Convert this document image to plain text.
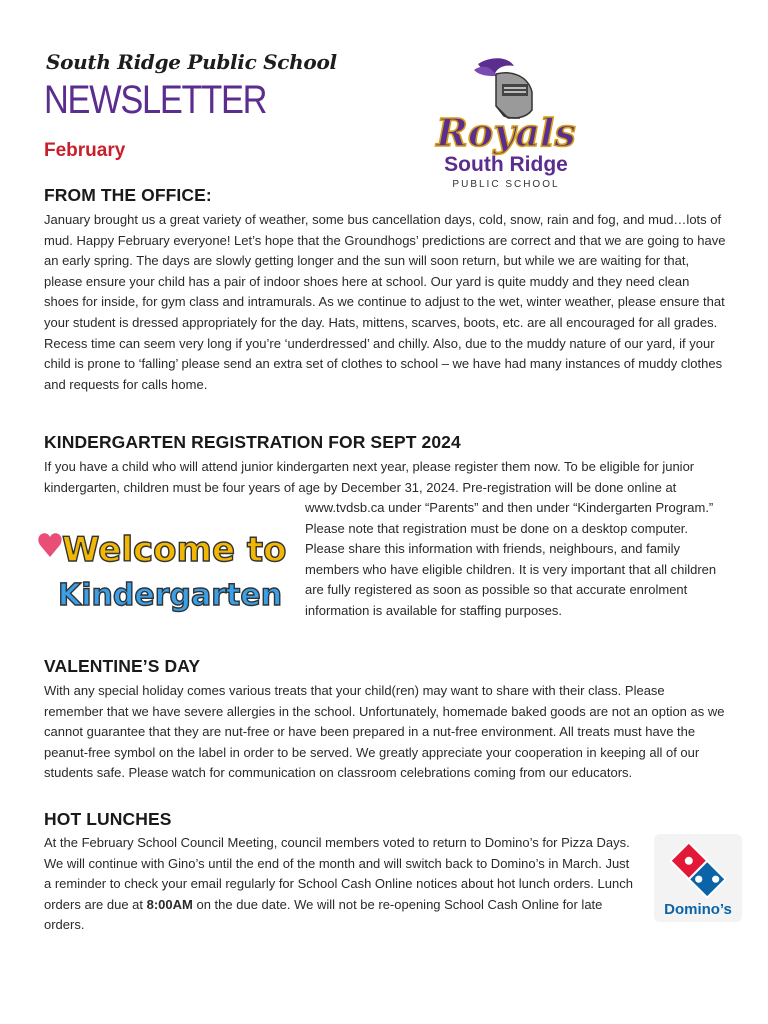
South Ridge Public School
NEWSLETTER
February	Royals
South Ridge
PUBLIC SCHOOL
FROM THE OFFICE:
January brought us a great variety of weather, some bus cancellation days, cold, snow, rain and fog, and mud…lots of mud. Happy February everyone! Let’s hope that the Groundhogs’ predictions are correct and that we are going to have an early spring. The days are slowly getting longer and the sun will soon return, but while we are waiting for that, please ensure your child has a pair of indoor shoes here at school. Our yard is quite muddy and they need clean shoes for inside, for gym class and intramurals. As we continue to adjust to the wet, winter weather, please ensure that your student is dressed appropriately for the day. Hats, mittens, scarves, boots, etc. are all encouraged for all grades. Recess time can seem very long if you’re ‘underdressed’ and chilly. Also, due to the muddy nature of our yard, if your child is prone to ‘falling’ please send an extra set of clothes to school – we have had many instances of muddy clothes and requests for calls home.
KINDERGARTEN REGISTRATION FOR SEPT 2024
If you have a child who will attend junior kindergarten next year, please register them now. To be eligible for junior kindergarten, children must be four years of age by December 31, 2024. Pre-registration will be done online at
www.tvdsb.ca under “Parents” and then under “Kindergarten Program.” Please note that registration must be done on a desktop computer. Please share this information with friends, neighbours, and family members who have eligible children. It is very important that all children are fully registered as soon as possible so that accurate enrolment information is available for staffing purposes.
Welcome to
Kindergarten
VALENTINE’S DAY
With any special holiday comes various treats that your child(ren) may want to share with their class. Please remember that we have severe allergies in the school. Unfortunately, homemade baked goods are not an option as we cannot guarantee that they are nut-free or have been prepared in a nut-free environment. All treats must have the peanut-free symbol on the label in order to be served. We greatly appreciate your cooperation in keeping all of our students safe. Please watch for communication on classroom celebrations coming from our educators.
HOT LUNCHES
At the February School Council Meeting, council members voted to return to Domino’s for Pizza Days. We will continue with Gino’s until the end of the month and will switch back to Domino’s in March. Just a reminder to check your email regularly for School Cash Online notices about hot lunch orders. Lunch orders are due at 8:00AM on the due date. We will not be re-opening School Cash Online for late orders.
Domino’s
